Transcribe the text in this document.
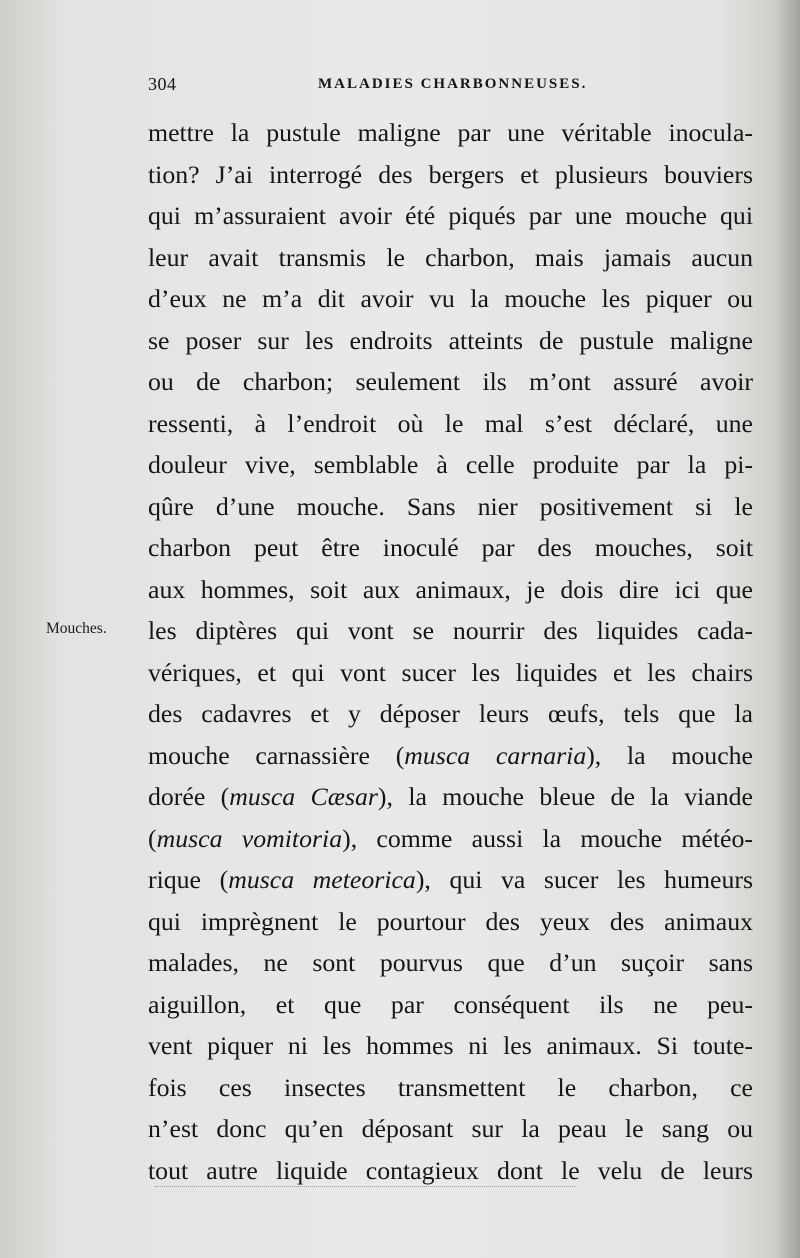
304	MALADIES CHARBONNEUSES.
Mouches.
mettre la pustule maligne par une véritable inocula-
tion? J’ai interrogé des bergers et plusieurs bouviers
qui m’assuraient avoir été piqués par une mouche qui
leur avait transmis le charbon, mais jamais aucun
d’eux ne m’a dit avoir vu la mouche les piquer ou
se poser sur les endroits atteints de pustule maligne
ou de charbon; seulement ils m’ont assuré avoir
ressenti, à l’endroit où le mal s’est déclaré, une
douleur vive, semblable à celle produite par la pi-
qûre d’une mouche. Sans nier positivement si le
charbon peut être inoculé par des mouches, soit
aux hommes, soit aux animaux, je dois dire ici que
les diptères qui vont se nourrir des liquides cada-
vériques, et qui vont sucer les liquides et les chairs
des cadavres et y déposer leurs œufs, tels que la
mouche carnassière (musca carnaria), la mouche
dorée (musca Cæsar), la mouche bleue de la viande
(musca vomitoria), comme aussi la mouche météo-
rique (musca meteorica), qui va sucer les humeurs
qui imprègnent le pourtour des yeux des animaux
malades, ne sont pourvus que d’un suçoir sans
aiguillon, et que par conséquent ils ne peu-
vent piquer ni les hommes ni les animaux. Si toute-
fois ces insectes transmettent le charbon, ce
n’est donc qu’en déposant sur la peau le sang ou
tout autre liquide contagieux dont le velu de leurs
